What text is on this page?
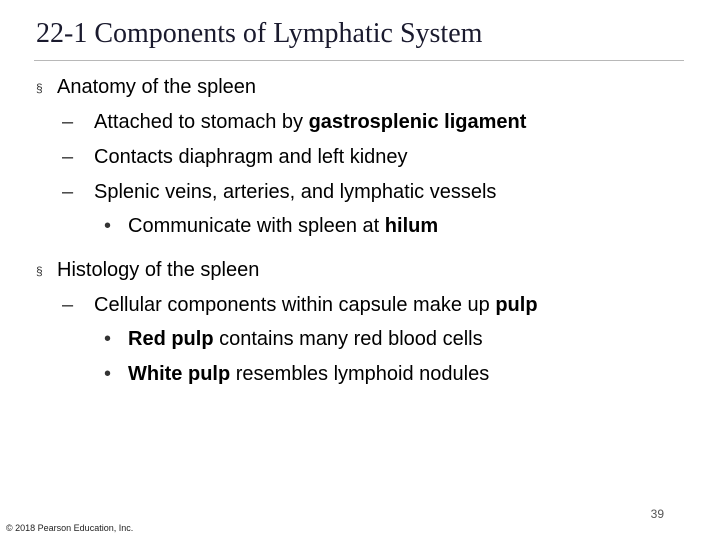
22-1 Components of Lymphatic System
§ Anatomy of the spleen
– Attached to stomach by gastrosplenic ligament
– Contacts diaphragm and left kidney
– Splenic veins, arteries, and lymphatic vessels
• Communicate with spleen at hilum
§ Histology of the spleen
– Cellular components within capsule make up pulp
• Red pulp contains many red blood cells
• White pulp resembles lymphoid nodules
39
© 2018 Pearson Education, Inc.
